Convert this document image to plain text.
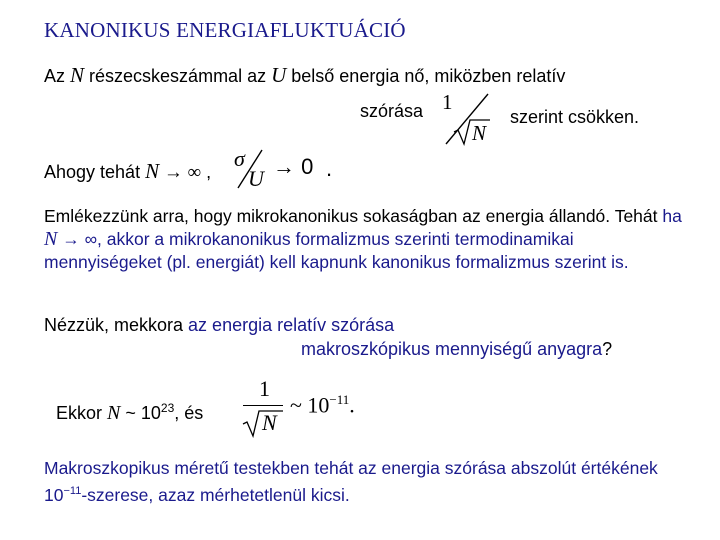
KANONIKUS ENERGIAFLUKTUÁCIÓ
Az N részecskeszámmal az U belső energia nő, miközben relatív
szórása 1
N
szerint csökken.
Ahogy tehát N → ∞ ,
σ
U → 0 .
Emlékezzünk arra, hogy mikrokanonikus sokaságban az energia állandó. Tehát ha N → ∞, akkor a mikrokanonikus formalizmus szerinti termodinamikai mennyiségeket (pl. energiát) kell kapnunk kanonikus formalizmus szerint is.
Nézzük, mekkora az energia relatív szórása
makroszkópikus mennyiségű anyagra?
Ekkor N ~ $10^{23}$, és
1
N
~ $10^{-11}$.
Makroszkopikus méretű testekben tehát az energia szórása abszolút értékének $10^{-11}$-szerese, azaz mérhetetlenül kicsi.
